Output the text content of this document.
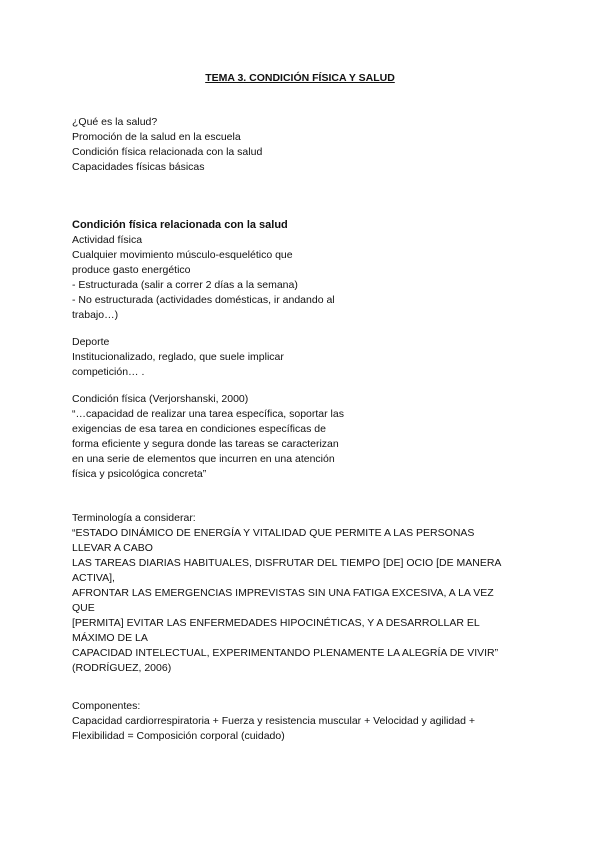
TEMA 3. CONDICIÓN FÍSICA Y SALUD
¿Qué es la salud?
Promoción de la salud en la escuela
Condición física relacionada con la salud
Capacidades físicas básicas
Condición física relacionada con la salud
Actividad física
Cualquier movimiento músculo-esquelético que
produce gasto energético
- Estructurada (salir a correr 2 días a la semana)
- No estructurada (actividades domésticas, ir andando al
trabajo…)
Deporte
Institucionalizado, reglado, que suele implicar
competición… .
Condición física (Verjorshanski, 2000)
“…capacidad de realizar una tarea específica, soportar las
exigencias de esa tarea en condiciones específicas de
forma eficiente y segura donde las tareas se caracterizan
en una serie de elementos que incurren en una atención
física y psicológica concreta”
Terminología a considerar:
“ESTADO DINÁMICO DE ENERGÍA Y VITALIDAD QUE PERMITE A LAS PERSONAS
LLEVAR A CABO
LAS TAREAS DIARIAS HABITUALES, DISFRUTAR DEL TIEMPO [DE] OCIO [DE MANERA
ACTIVA],
AFRONTAR LAS EMERGENCIAS IMPREVISTAS SIN UNA FATIGA EXCESIVA, A LA VEZ
QUE
[PERMITA] EVITAR LAS ENFERMEDADES HIPOCINÉTICAS, Y A DESARROLLAR EL
MÁXIMO DE LA
CAPACIDAD INTELECTUAL, EXPERIMENTANDO PLENAMENTE LA ALEGRÍA DE VIVIR”
(RODRÍGUEZ, 2006)
Componentes:
Capacidad cardiorrespiratoria + Fuerza y resistencia muscular + Velocidad y agilidad +
Flexibilidad = Composición corporal (cuidado)
